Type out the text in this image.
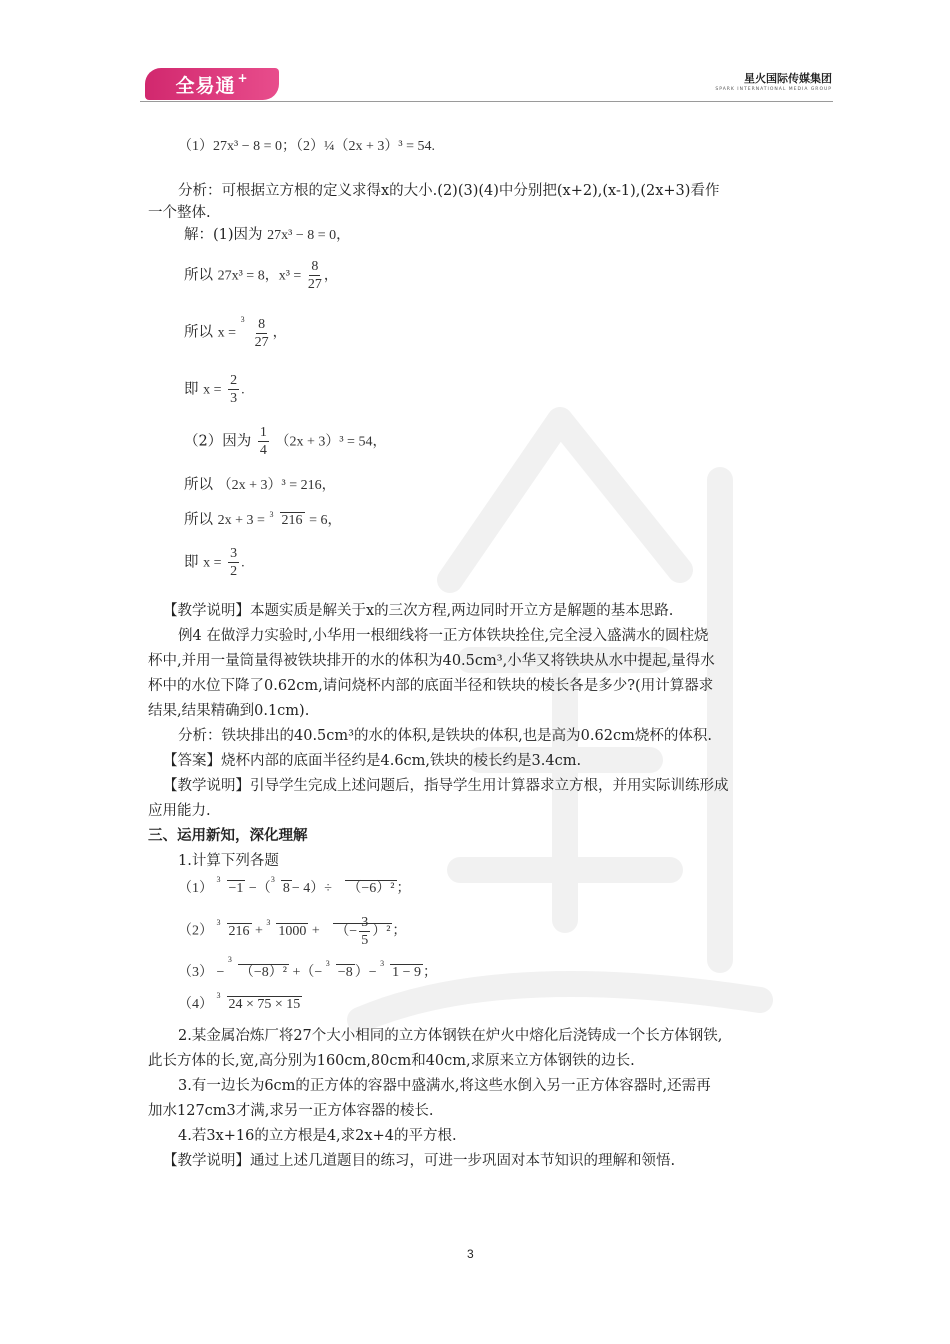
全易通 +	星火国际传媒集团
SPARK INTERNATIONAL MEDIA GROUP
（1）27x³ − 8 = 0；（2）¼（2x + 3）³ = 54.
分析：可根据立方根的定义求得x的大小.(2)(3)(4)中分别把(x+2),(x-1),(2x+3)看作
一个整体.
解：(1)因为 27x³ − 8 = 0，
所以 27x³ = 8，$x^3 = \frac{8}{27}$ ，
所以 x =
$3 \frac{8}{27}$ ，
即 $x = \frac{2}{3}$ .
（2）因为 $\frac{1}{4} (2x + 3)^3 = 54$，
所以 （2x + 3）³ = 216，
所以 2x + 3 = 3 216 = 6，
即 $x = \frac{3}{2}$ .
【教学说明】本题实质是解关于x的三次方程,两边同时开立方是解题的基本思路.
例4 在做浮力实验时,小华用一根细线将一正方体铁块拴住,完全浸入盛满水的圆柱烧
杯中,并用一量筒量得被铁块排开的水的体积为40.5cm³,小华又将铁块从水中提起,量得水
杯中的水位下降了0.62cm,请问烧杯内部的底面半径和铁块的棱长各是多少?(用计算器求
结果,结果精确到0.1cm).
分析：铁块排出的40.5cm³的水的体积,是铁块的体积,也是高为0.62cm烧杯的体积.
【答案】烧杯内部的底面半径约是4.6cm,铁块的棱长约是3.4cm.
【教学说明】引导学生完成上述问题后，指导学生用计算器求立方根，并用实际训练形成
应用能力.
三、运用新知，深化理解
1.计算下列各题
（1）
3
−1 −（
3
8 − 4）÷ （−6）² ；
（2）
3
216 +
3
1000 + （− $\frac{3}{5} )^2$ ；
（3） −
3
（−8）² +（−
3
−8 ）−
3
1 − 9 ；
（4）
3
24 × 75 × 15
2.某金属冶炼厂将27个大小相同的立方体钢铁在炉火中熔化后浇铸成一个长方体钢铁,
此长方体的长,宽,高分别为160cm,80cm和40cm,求原来立方体钢铁的边长.
3.有一边长为6cm的正方体的容器中盛满水,将这些水倒入另一正方体容器时,还需再
加水127cm3才满,求另一正方体容器的棱长.
4.若3x+16的立方根是4,求2x+4的平方根.
【教学说明】通过上述几道题目的练习，可进一步巩固对本节知识的理解和领悟.
3
